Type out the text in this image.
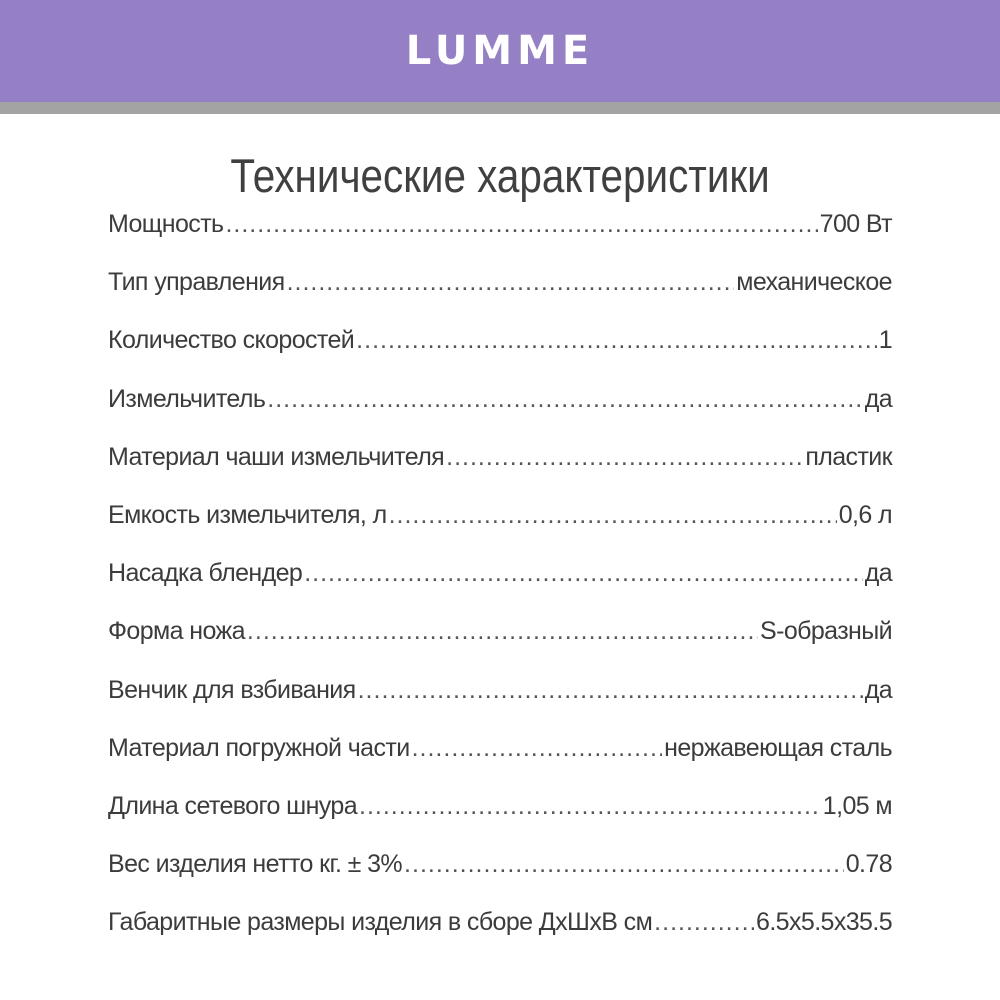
LUMME
Технические характеристики
Мощность .....	700 Вт
Тип управления .....	механическое
Количество скоростей .....	1
Измельчитель .....	да
Материал чаши измельчителя .....	пластик
Емкость измельчителя, л .....	0,6 л
Насадка блендер .....	да
Форма ножа .....	S-образный
Венчик для взбивания .....	да
Материал погружной части .....	нержавеющая сталь
Длина сетевого шнура .....	1,05 м
Вес изделия нетто кг. ± 3% .....	0.78
Габаритные размеры изделия в сборе ДхШхВ см .....	6.5х5.5х35.5
